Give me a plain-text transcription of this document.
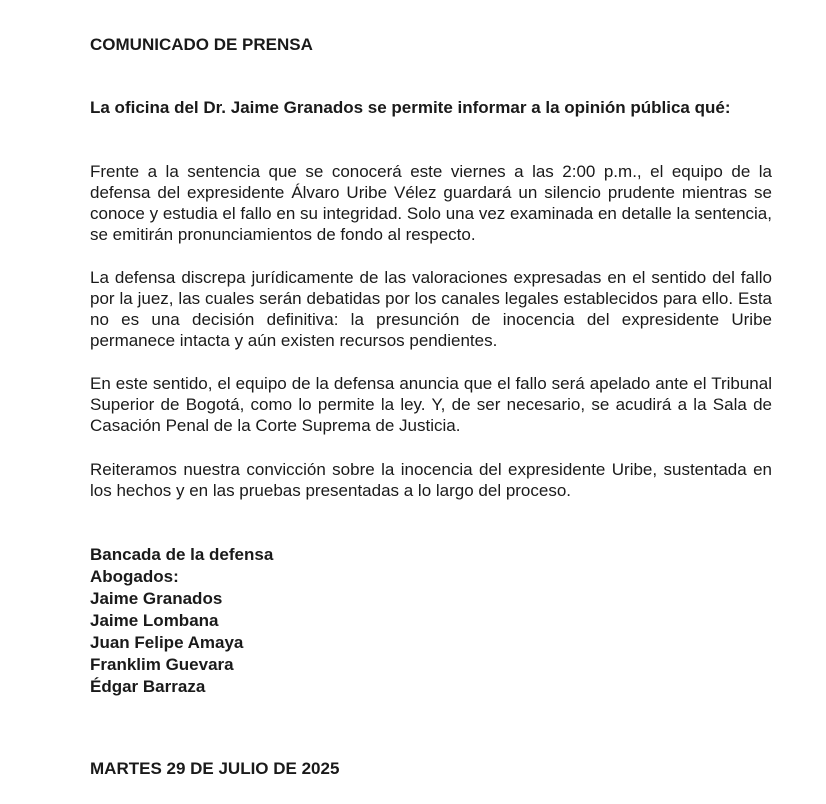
COMUNICADO DE PRENSA
La oficina del Dr. Jaime Granados se permite informar a la opinión pública qué:
Frente a la sentencia que se conocerá este viernes a las 2:00 p.m., el equipo de la defensa del expresidente Álvaro Uribe Vélez guardará un silencio prudente mientras se conoce y estudia el fallo en su integridad. Solo una vez examinada en detalle la sentencia, se emitirán pronunciamientos de fondo al respecto.
La defensa discrepa jurídicamente de las valoraciones expresadas en el sentido del fallo por la juez, las cuales serán debatidas por los canales legales establecidos para ello. Esta no es una decisión definitiva: la presunción de inocencia del expresidente Uribe permanece intacta y aún existen recursos pendientes.
En este sentido, el equipo de la defensa anuncia que el fallo será apelado ante el Tribunal Superior de Bogotá, como lo permite la ley. Y, de ser necesario, se acudirá a la Sala de Casación Penal de la Corte Suprema de Justicia.
Reiteramos nuestra convicción sobre la inocencia del expresidente Uribe, sustentada en los hechos y en las pruebas presentadas a lo largo del proceso.
Bancada de la defensa
Abogados:
Jaime Granados
Jaime Lombana
Juan Felipe Amaya
Franklim Guevara
Édgar Barraza
MARTES 29 DE JULIO DE 2025
